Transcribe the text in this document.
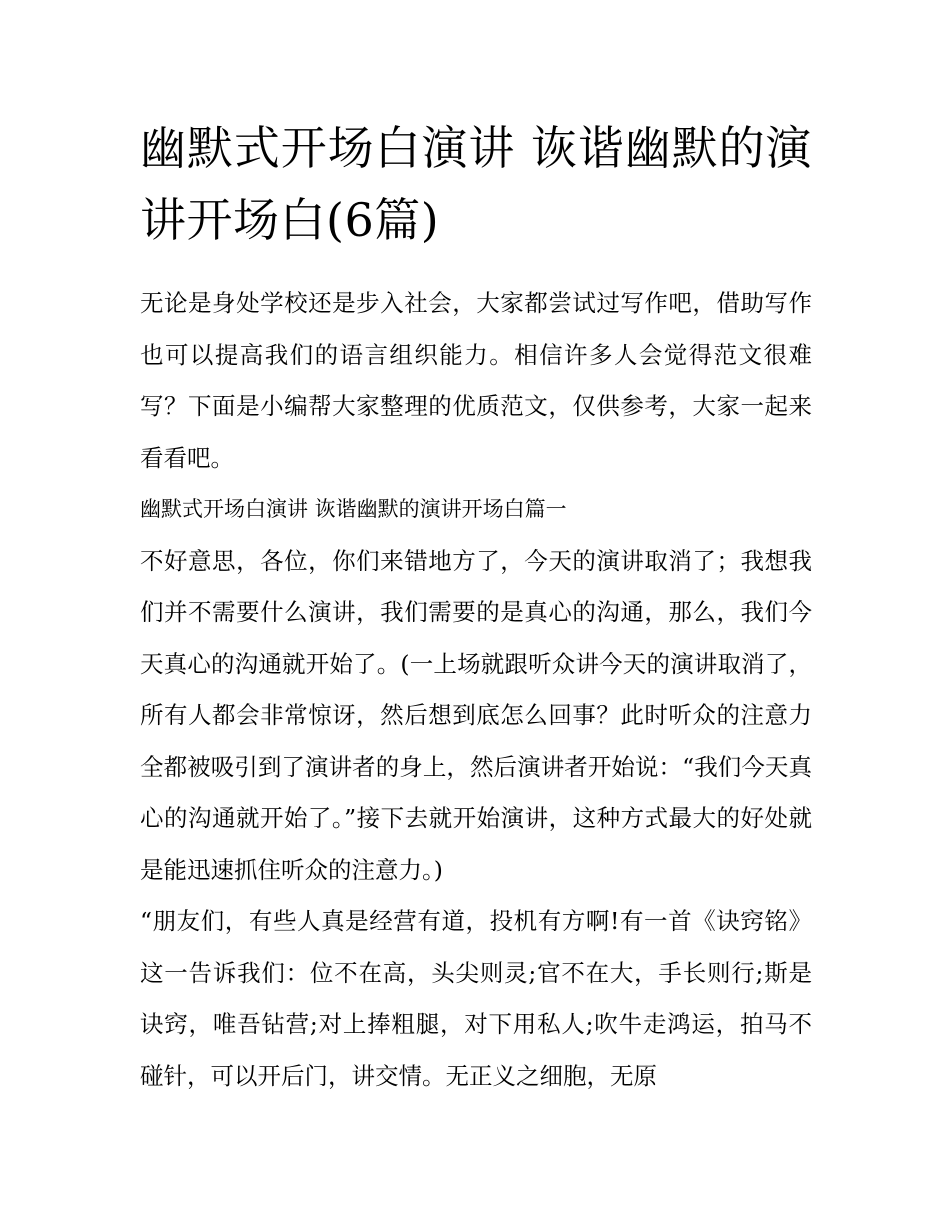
幽默式开场白演讲 诙谐幽默的演讲开场白(6篇)

无论是身处学校还是步入社会，大家都尝试过写作吧，借助写作也可以提高我们的语言组织能力。相信许多人会觉得范文很难写？下面是小编帮大家整理的优质范文，仅供参考，大家一起来看看吧。

幽默式开场白演讲 诙谐幽默的演讲开场白篇一

不好意思，各位，你们来错地方了，今天的演讲取消了；我想我们并不需要什么演讲，我们需要的是真心的沟通，那么，我们今天真心的沟通就开始了。(一上场就跟听众讲今天的演讲取消了，所有人都会非常惊讶，然后想到底怎么回事？此时听众的注意力全都被吸引到了演讲者的身上，然后演讲者开始说：“我们今天真心的沟通就开始了。”接下去就开始演讲，这种方式最大的好处就是能迅速抓住听众的注意力。)

“朋友们，有些人真是经营有道，投机有方啊!有一首《诀窍铭》这一告诉我们：位不在高，头尖则灵;官不在大，手长则行;斯是诀窍，唯吾钻营;对上捧粗腿，对下用私人;吹牛走鸿运，拍马不碰针，可以开后门，讲交情。无正义之细胞，无原
